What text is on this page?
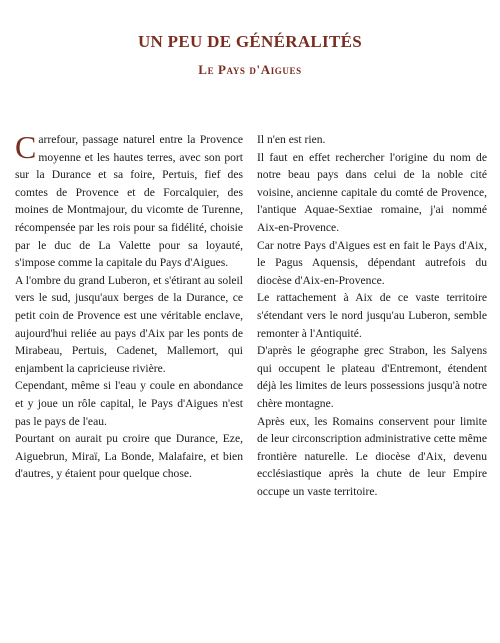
UN PEU DE GÉNÉRALITÉS
Le Pays d'Aigues

Carrefour, passage naturel entre la Provence moyenne et les hautes terres, avec son port sur la Durance et sa foire, Pertuis, fief des comtes de Provence et de Forcalquier, des moines de Montmajour, du vicomte de Turenne, récompensée par les rois pour sa fidélité, choisie par le duc de La Valette pour sa loyauté, s'impose comme la capitale du Pays d'Aigues.

A l'ombre du grand Luberon, et s'étirant au soleil vers le sud, jusqu'aux berges de la Durance, ce petit coin de Provence est une véritable enclave, aujourd'hui reliée au pays d'Aix par les ponts de Mirabeau, Pertuis, Cadenet, Mallemort, qui enjambent la capricieuse rivière.

Cependant, même si l'eau y coule en abondance et y joue un rôle capital, le Pays d'Aigues n'est pas le pays de l'eau.

Pourtant on aurait pu croire que Durance, Eze, Aiguebrun, Miraï, La Bonde, Malafaire, et bien d'autres, y étaient pour quelque chose.

Il n'en est rien.

Il faut en effet rechercher l'origine du nom de notre beau pays dans celui de la noble cité voisine, ancienne capitale du comté de Provence, l'antique Aquae-Sextiae romaine, j'ai nommé Aix-en-Provence.

Car notre Pays d'Aigues est en fait le Pays d'Aix, le Pagus Aquensis, dépendant autrefois du diocèse d'Aix-en-Provence.

Le rattachement à Aix de ce vaste territoire s'étendant vers le nord jusqu'au Luberon, semble remonter à l'Antiquité.

D'après le géographe grec Strabon, les Salyens qui occupent le plateau d'Entremont, étendent déjà les limites de leurs possessions jusqu'à notre chère montagne.

Après eux, les Romains conservent pour limite de leur circonscription administrative cette même frontière naturelle. Le diocèse d'Aix, devenu ecclésiastique après la chute de leur Empire occupe un vaste territoire.
